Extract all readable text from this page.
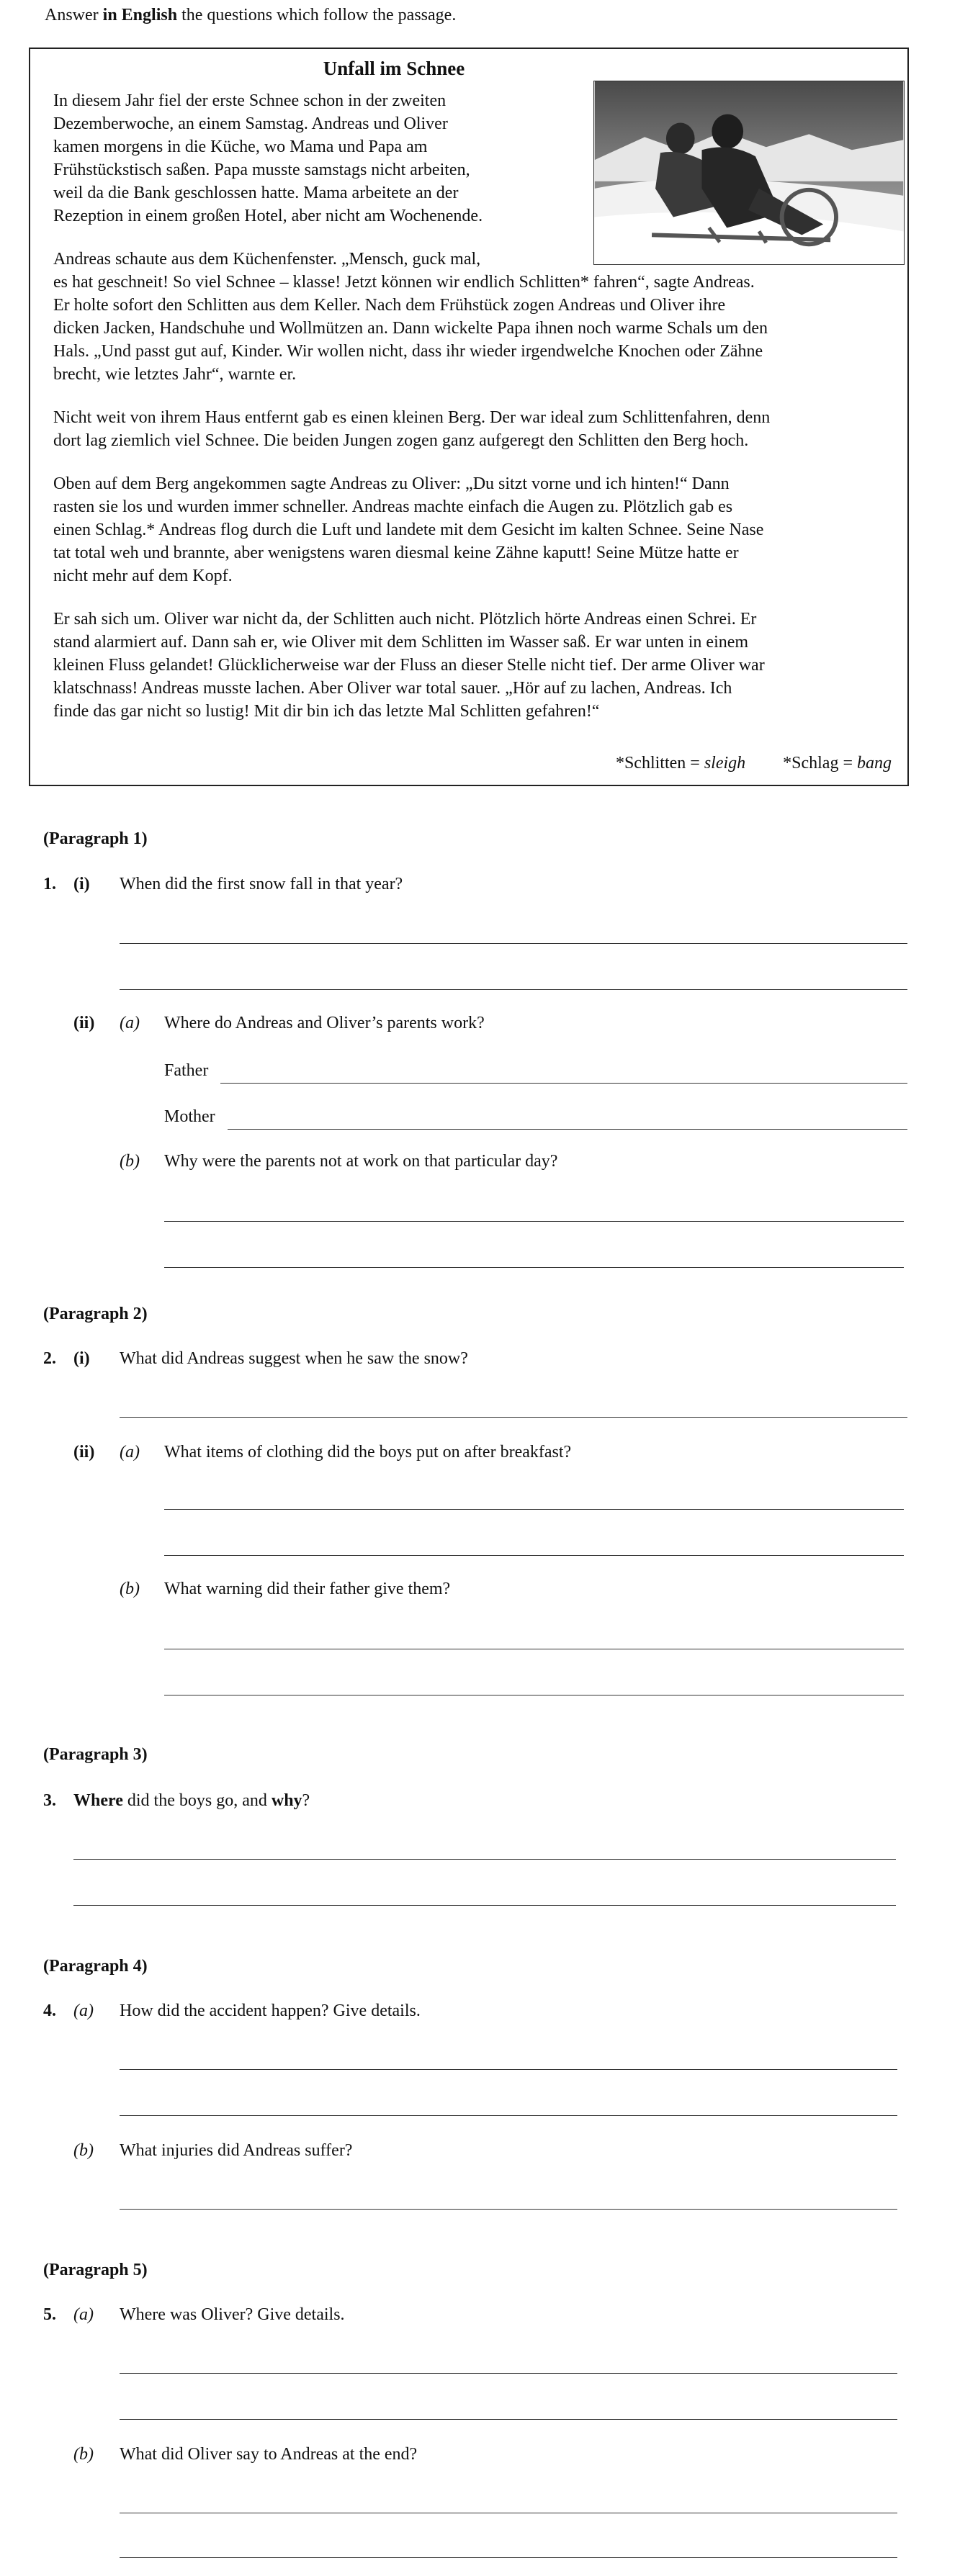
Answer in English the questions which follow the passage.
Unfall im Schnee
In diesem Jahr fiel der erste Schnee schon in der zweiten
Dezemberwoche, an einem Samstag. Andreas und Oliver
kamen morgens in die Küche, wo Mama und Papa am
Frühstückstisch saßen. Papa musste samstags nicht arbeiten,
weil da die Bank geschlossen hatte. Mama arbeitete an der
Rezeption in einem großen Hotel, aber nicht am Wochenende.
Andreas schaute aus dem Küchenfenster. „Mensch, guck mal,
es hat geschneit! So viel Schnee – klasse! Jetzt können wir endlich Schlitten* fahren“, sagte Andreas.
Er holte sofort den Schlitten aus dem Keller. Nach dem Frühstück zogen Andreas und Oliver ihre
dicken Jacken, Handschuhe und Wollmützen an. Dann wickelte Papa ihnen noch warme Schals um den
Hals. „Und passt gut auf, Kinder. Wir wollen nicht, dass ihr wieder irgendwelche Knochen oder Zähne
brecht, wie letztes Jahr“, warnte er.
Nicht weit von ihrem Haus entfernt gab es einen kleinen Berg. Der war ideal zum Schlittenfahren, denn
dort lag ziemlich viel Schnee. Die beiden Jungen zogen ganz aufgeregt den Schlitten den Berg hoch.
Oben auf dem Berg angekommen sagte Andreas zu Oliver: „Du sitzt vorne und ich hinten!“ Dann
rasten sie los und wurden immer schneller. Andreas machte einfach die Augen zu. Plötzlich gab es
einen Schlag.* Andreas flog durch die Luft und landete mit dem Gesicht im kalten Schnee. Seine Nase
tat total weh und brannte, aber wenigstens waren diesmal keine Zähne kaputt! Seine Mütze hatte er
nicht mehr auf dem Kopf.
Er sah sich um. Oliver war nicht da, der Schlitten auch nicht. Plötzlich hörte Andreas einen Schrei. Er
stand alarmiert auf. Dann sah er, wie Oliver mit dem Schlitten im Wasser saß. Er war unten in einem
kleinen Fluss gelandet! Glücklicherweise war der Fluss an dieser Stelle nicht tief. Der arme Oliver war
klatschnass! Andreas musste lachen. Aber Oliver war total sauer. „Hör auf zu lachen, Andreas. Ich
finde das gar nicht so lustig! Mit dir bin ich das letzte Mal Schlitten gefahren!“
*Schlitten = sleigh *Schlag = bang
(Paragraph 1)
1. (i) When did the first snow fall in that year?
(ii) (a) Where do Andreas and Oliver’s parents work?
Father
Mother
(b) Why were the parents not at work on that particular day?
(Paragraph 2)
2. (i) What did Andreas suggest when he saw the snow?
(ii) (a) What items of clothing did the boys put on after breakfast?
(b) What warning did their father give them?
(Paragraph 3)
3. Where did the boys go, and why?
(Paragraph 4)
4. (a) How did the accident happen? Give details.
(b) What injuries did Andreas suffer?
(Paragraph 5)
5. (a) Where was Oliver? Give details.
(b) What did Oliver say to Andreas at the end?
